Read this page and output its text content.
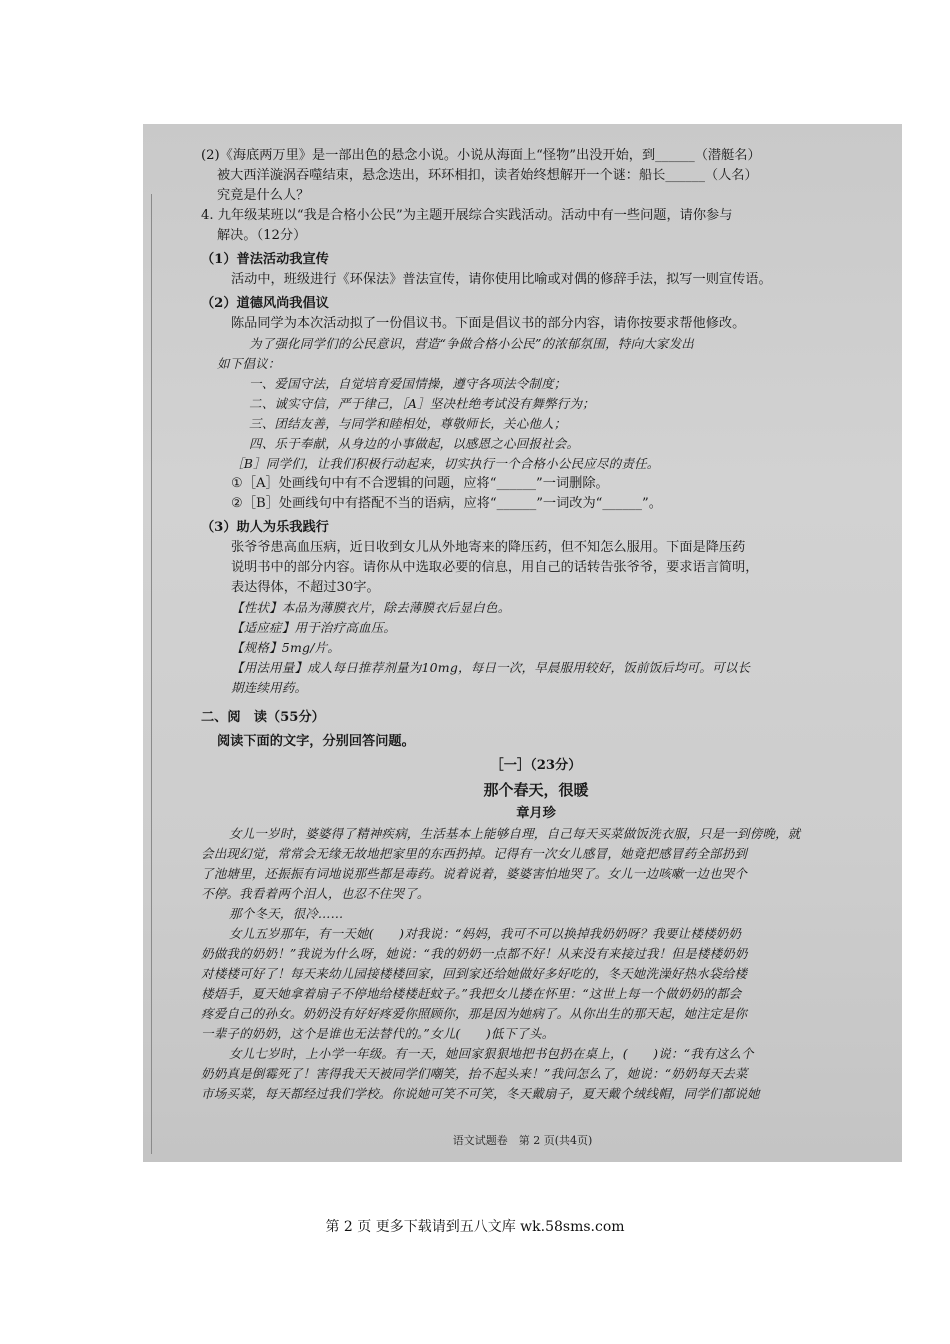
(2)《海底两万里》是一部出色的悬念小说。小说从海面上“怪物”出没开始，到______（潜艇名）
被大西洋漩涡吞噬结束，悬念迭出，环环相扣，读者始终想解开一个谜：船长______（人名）
究竟是什么人？
4. 九年级某班以“我是合格小公民”为主题开展综合实践活动。活动中有一些问题，请你参与
解决。（12分）
（1）普法活动我宣传
活动中，班级进行《环保法》普法宣传，请你使用比喻或对偶的修辞手法，拟写一则宣传语。
（2）道德风尚我倡议
陈品同学为本次活动拟了一份倡议书。下面是倡议书的部分内容，请你按要求帮他修改。
为了强化同学们的公民意识，营造“争做合格小公民”的浓郁氛围，特向大家发出
如下倡议：
一、爱国守法，自觉培育爱国情操，遵守各项法令制度；
二、诚实守信，严于律己，［A］坚决杜绝考试没有舞弊行为；
三、团结友善，与同学和睦相处，尊敬师长，关心他人；
四、乐于奉献，从身边的小事做起，以感恩之心回报社会。
［B］同学们，让我们积极行动起来，切实执行一个合格小公民应尽的责任。
①［A］处画线句中有不合逻辑的问题，应将“______”一词删除。
②［B］处画线句中有搭配不当的语病，应将“______”一词改为“______”。
（3）助人为乐我践行
张爷爷患高血压病，近日收到女儿从外地寄来的降压药，但不知怎么服用。下面是降压药
说明书中的部分内容。请你从中选取必要的信息，用自己的话转告张爷爷，要求语言简明，
表达得体，不超过30字。
【性状】本品为薄膜衣片，除去薄膜衣后显白色。
【适应症】用于治疗高血压。
【规格】5mg/片。
【用法用量】成人每日推荐剂量为10mg，每日一次，早晨服用较好，饭前饭后均可。可以长
期连续用药。
二、阅　读（55分）
阅读下面的文字，分别回答问题。
［一］（23分）
那个春天，很暖
章月珍
女儿一岁时，婆婆得了精神疾病，生活基本上能够自理，自己每天买菜做饭洗衣服，只是一到傍晚，就
会出现幻觉，常常会无缘无故地把家里的东西扔掉。记得有一次女儿感冒，她竟把感冒药全部扔到
了池塘里，还振振有词地说那些都是毒药。说着说着，婆婆害怕地哭了。女儿一边咳嗽一边也哭个
不停。我看着两个泪人，也忍不住哭了。
那个冬天，很冷……
女儿五岁那年，有一天她(　　)对我说：“妈妈，我可不可以换掉我奶奶呀？我要让楼楼奶奶
奶做我的奶奶！”我说为什么呀，她说：“我的奶奶一点都不好！从来没有来接过我！但是楼楼奶奶
对楼楼可好了！每天来幼儿园接楼楼回家，回到家还给她做好多好吃的，冬天她洗澡好热水袋给楼
楼焐手，夏天她拿着扇子不停地给楼楼赶蚊子。”我把女儿搂在怀里：“这世上每一个做奶奶的都会
疼爱自己的孙女。奶奶没有好好疼爱你照顾你，那是因为她病了。从你出生的那天起，她注定是你
一辈子的奶奶，这个是谁也无法替代的。”女儿(　　)低下了头。
女儿七岁时，上小学一年级。有一天，她回家狠狠地把书包扔在桌上，(　　)说：“我有这么个
奶奶真是倒霉死了！害得我天天被同学们嘲笑，抬不起头来！”我问怎么了，她说：“奶奶每天去菜
市场买菜，每天都经过我们学校。你说她可笑不可笑，冬天戴扇子，夏天戴个绒线帽，同学们都说她
语文试题卷　第 2 页(共4页)
第 2 页 更多下载请到五八文库 wk.58sms.com
